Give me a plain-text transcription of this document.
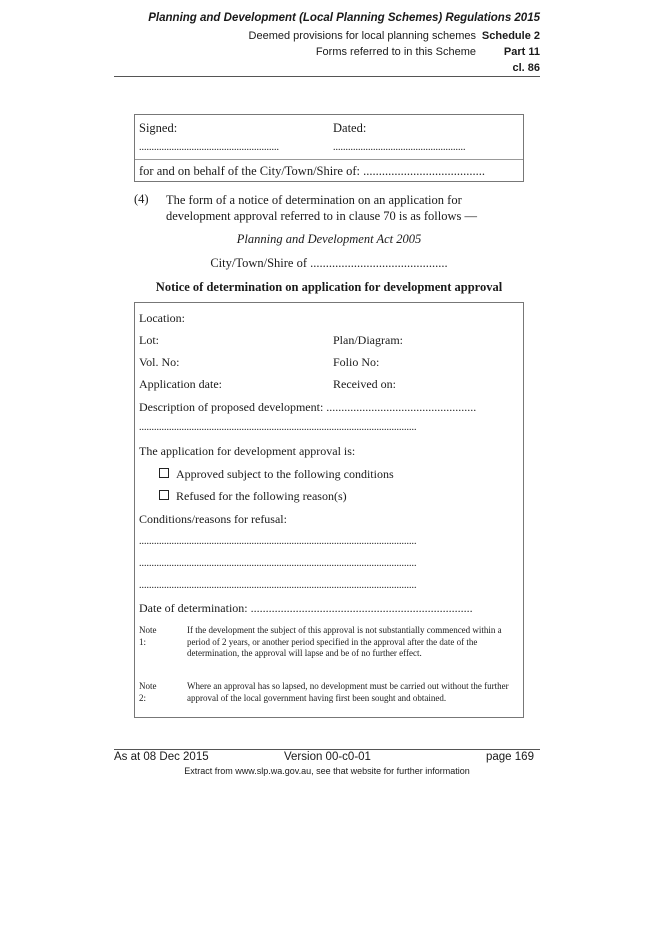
Planning and Development (Local Planning Schemes) Regulations 2015
Deemed provisions for local planning schemes Schedule 2
Forms referred to in this Scheme	Part 11
cl. 86
Signed:	Dated:
........................................................	.....................................................
for and on behalf of the City/Town/Shire of: .......................................
(4) The form of a notice of determination on an application for development approval referred to in clause 70 is as follows —
Planning and Development Act 2005
City/Town/Shire of ............................................
Notice of determination on application for development approval
Location:
Lot:	Plan/Diagram:
Vol. No:	Folio No:
Application date:	Received on:
Description of proposed development: ..................................................
...............................................................................................................
The application for development approval is:
Approved subject to the following conditions
Refused for the following reason(s)
Conditions/reasons for refusal:
...............................................................................................................
...............................................................................................................
...............................................................................................................
Date of determination: ..........................................................................
Note 1:
If the development the subject of this approval is not substantially commenced within a period of 2 years, or another period specified in the approval after the date of the determination, the approval will lapse and be of no further effect.
Note 2:
Where an approval has so lapsed, no development must be carried out without the further approval of the local government having first been sought and obtained.
As at 08 Dec 2015	Version 00-c0-01	page 169
Extract from www.slp.wa.gov.au, see that website for further information
